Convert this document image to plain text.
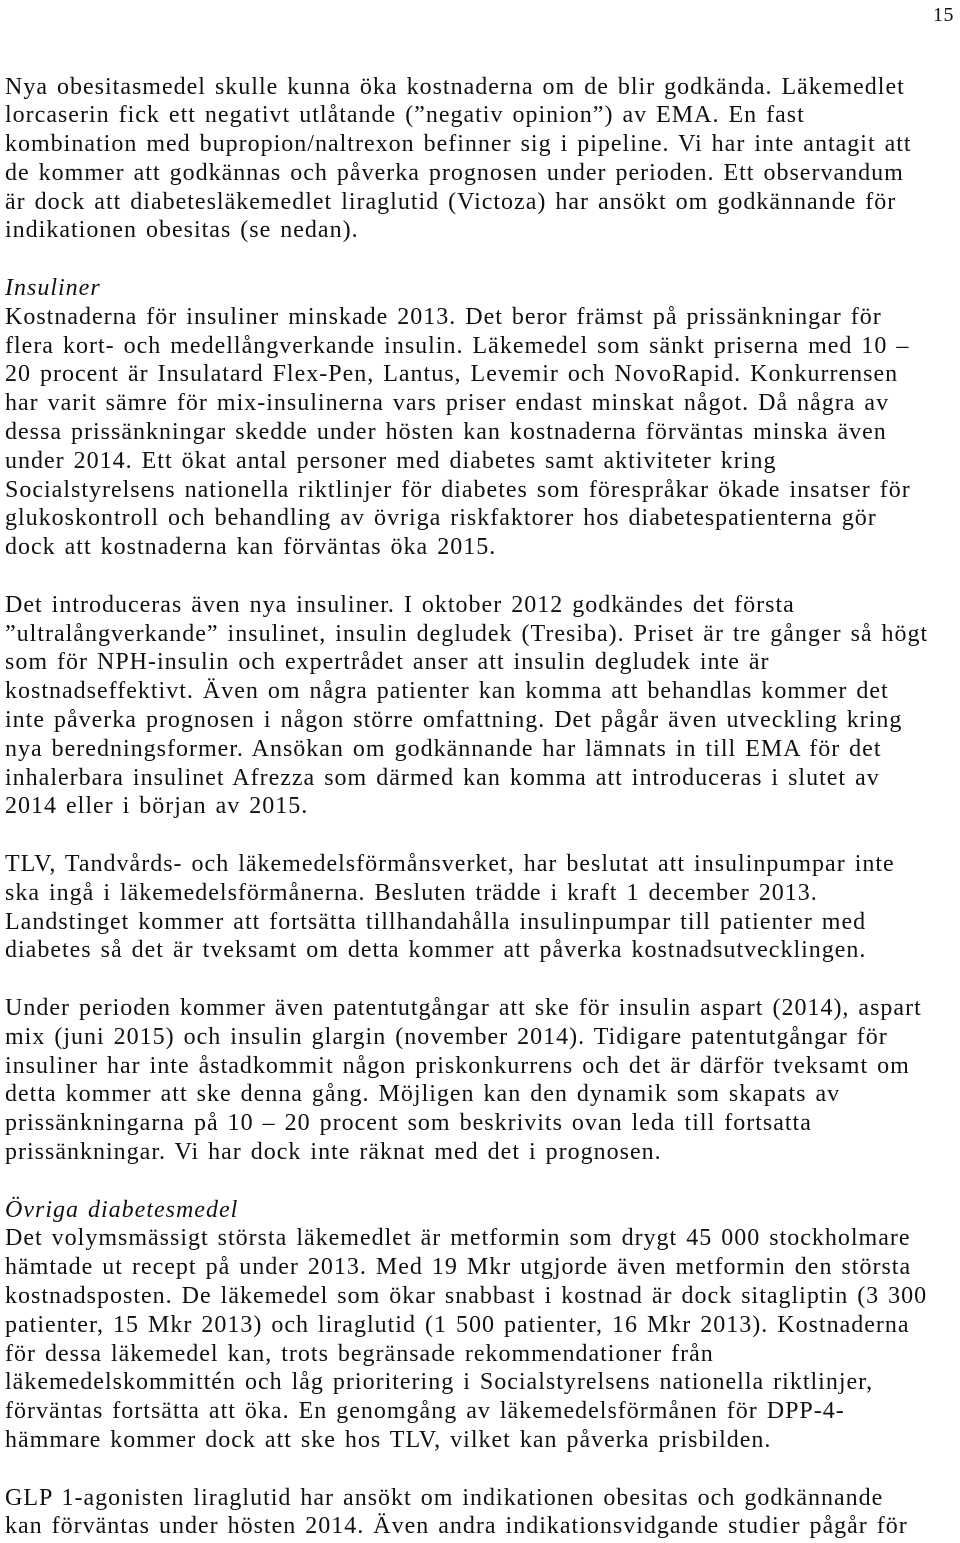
15
Nya obesitasmedel skulle kunna öka kostnaderna om de blir godkända. Läkemedlet
lorcaserin fick ett negativt utlåtande (”negativ opinion”) av EMA. En fast
kombination med bupropion/naltrexon befinner sig i pipeline. Vi har inte antagit att
de kommer att godkännas och påverka prognosen under perioden. Ett observandum
är dock att diabetesläkemedlet liraglutid (Victoza) har ansökt om godkännande för
indikationen obesitas (se nedan).
Insuliner
Kostnaderna för insuliner minskade 2013. Det beror främst på prissänkningar för
flera kort- och medellångverkande insulin. Läkemedel som sänkt priserna med 10 –
20 procent är Insulatard Flex-Pen, Lantus, Levemir och NovoRapid. Konkurrensen
har varit sämre för mix-insulinerna vars priser endast minskat något. Då några av
dessa prissänkningar skedde under hösten kan kostnaderna förväntas minska även
under 2014. Ett ökat antal personer med diabetes samt aktiviteter kring
Socialstyrelsens nationella riktlinjer för diabetes som förespråkar ökade insatser för
glukoskontroll och behandling av övriga riskfaktorer hos diabetespatienterna gör
dock att kostnaderna kan förväntas öka 2015.
Det introduceras även nya insuliner. I oktober 2012 godkändes det första
”ultralångverkande” insulinet, insulin degludek (Tresiba). Priset är tre gånger så högt
som för NPH-insulin och expertrådet anser att insulin degludek inte är
kostnadseffektivt. Även om några patienter kan komma att behandlas kommer det
inte påverka prognosen i någon större omfattning. Det pågår även utveckling kring
nya beredningsformer. Ansökan om godkännande har lämnats in till EMA för det
inhalerbara insulinet Afrezza som därmed kan komma att introduceras i slutet av
2014 eller i början av 2015.
TLV, Tandvårds- och läkemedelsförmånsverket, har beslutat att insulinpumpar inte
ska ingå i läkemedelsförmånerna. Besluten trädde i kraft 1 december 2013.
Landstinget kommer att fortsätta tillhandahålla insulinpumpar till patienter med
diabetes så det är tveksamt om detta kommer att påverka kostnadsutvecklingen.
Under perioden kommer även patentutgångar att ske för insulin aspart (2014), aspart
mix (juni 2015) och insulin glargin (november 2014). Tidigare patentutgångar för
insuliner har inte åstadkommit någon priskonkurrens och det är därför tveksamt om
detta kommer att ske denna gång. Möjligen kan den dynamik som skapats av
prissänkningarna på 10 – 20 procent som beskrivits ovan leda till fortsatta
prissänkningar. Vi har dock inte räknat med det i prognosen.
Övriga diabetesmedel
Det volymsmässigt största läkemedlet är metformin som drygt 45 000 stockholmare
hämtade ut recept på under 2013. Med 19 Mkr utgjorde även metformin den största
kostnadsposten. De läkemedel som ökar snabbast i kostnad är dock sitagliptin (3 300
patienter, 15 Mkr 2013) och liraglutid (1 500 patienter, 16 Mkr 2013). Kostnaderna
för dessa läkemedel kan, trots begränsade rekommendationer från
läkemedelskommittén och låg prioritering i Socialstyrelsens nationella riktlinjer,
förväntas fortsätta att öka. En genomgång av läkemedelsförmånen för DPP-4-
hämmare kommer dock att ske hos TLV, vilket kan påverka prisbilden.
GLP 1-agonisten liraglutid har ansökt om indikationen obesitas och godkännande
kan förväntas under hösten 2014. Även andra indikationsvidgande studier pågår för
